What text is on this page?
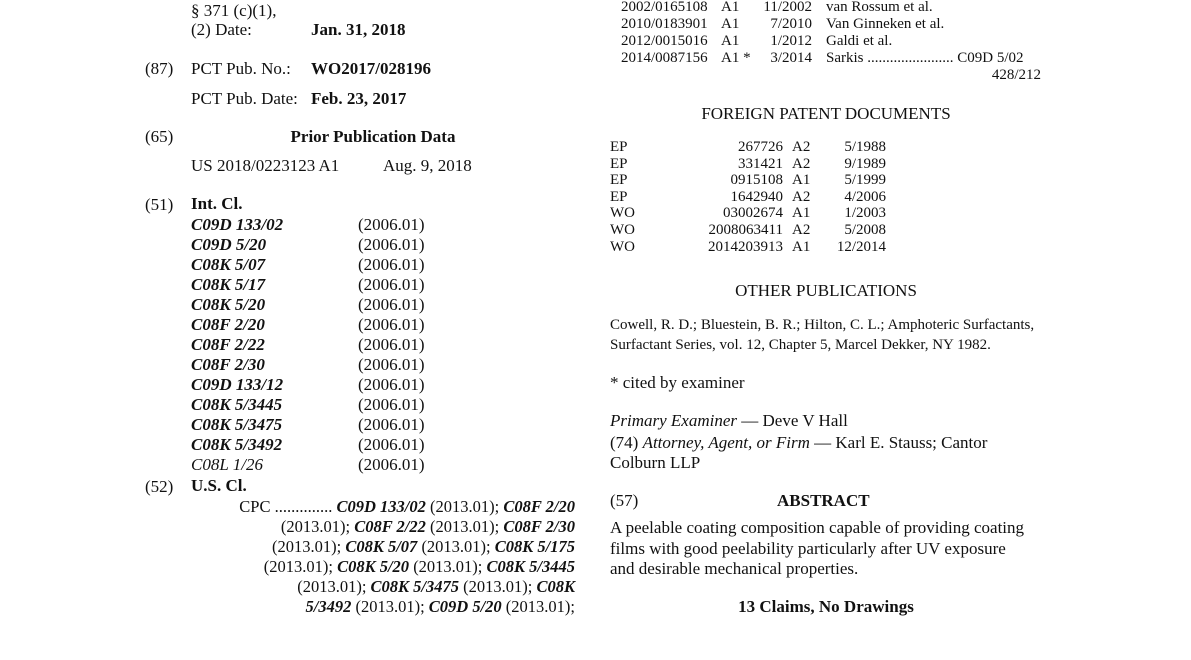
§ 371 (c)(1),
(2) Date:	Jan. 31, 2018
(87) PCT Pub. No.: WO2017/028196
PCT Pub. Date: Feb. 23, 2017
(65)	Prior Publication Data
US 2018/0223123 A1	Aug. 9, 2018
(51) Int. Cl.
C09D 133/02	(2006.01)
C09D 5/20	(2006.01)
C08K 5/07	(2006.01)
C08K 5/17	(2006.01)
C08K 5/20	(2006.01)
C08F 2/20	(2006.01)
C08F 2/22	(2006.01)
C08F 2/30	(2006.01)
C09D 133/12	(2006.01)
C08K 5/3445	(2006.01)
C08K 5/3475	(2006.01)
C08K 5/3492	(2006.01)
C08L 1/26	(2006.01)
(52) U.S. Cl.
CPC .............. C09D 133/02 (2013.01); C08F 2/20
(2013.01); C08F 2/22 (2013.01); C08F 2/30
(2013.01); C08K 5/07 (2013.01); C08K 5/175
(2013.01); C08K 5/20 (2013.01); C08K 5/3445
(2013.01); C08K 5/3475 (2013.01); C08K
5/3492 (2013.01); C09D 5/20 (2013.01);
2002/0165108 A1 11/2002 van Rossum et al.
2010/0183901 A1	7/2010 Van Ginneken et al.
2012/0015016 A1	1/2012 Galdi et al.
2014/0087156 A1 *	3/2014 Sarkis ....................... C09D 5/02
428/212
FOREIGN PATENT DOCUMENTS
EP	267726 A2	5/1988
EP	331421 A2	9/1989
EP	0915108 A1	5/1999
EP	1642940 A2	4/2006
WO	03002674 A1	1/2003
WO	2008063411 A2	5/2008
WO	2014203913 A1	12/2014
OTHER PUBLICATIONS
Cowell, R. D.; Bluestein, B. R.; Hilton, C. L.; Amphoteric Surfactants,
Surfactant Series, vol. 12, Chapter 5, Marcel Dekker, NY 1982.
* cited by examiner
Primary Examiner — Deve V Hall
(74) Attorney, Agent, or Firm — Karl E. Stauss; Cantor
Colburn LLP
(57)	ABSTRACT
A peelable coating composition capable of providing coating
films with good peelability particularly after UV exposure
and desirable mechanical properties.
13 Claims, No Drawings
